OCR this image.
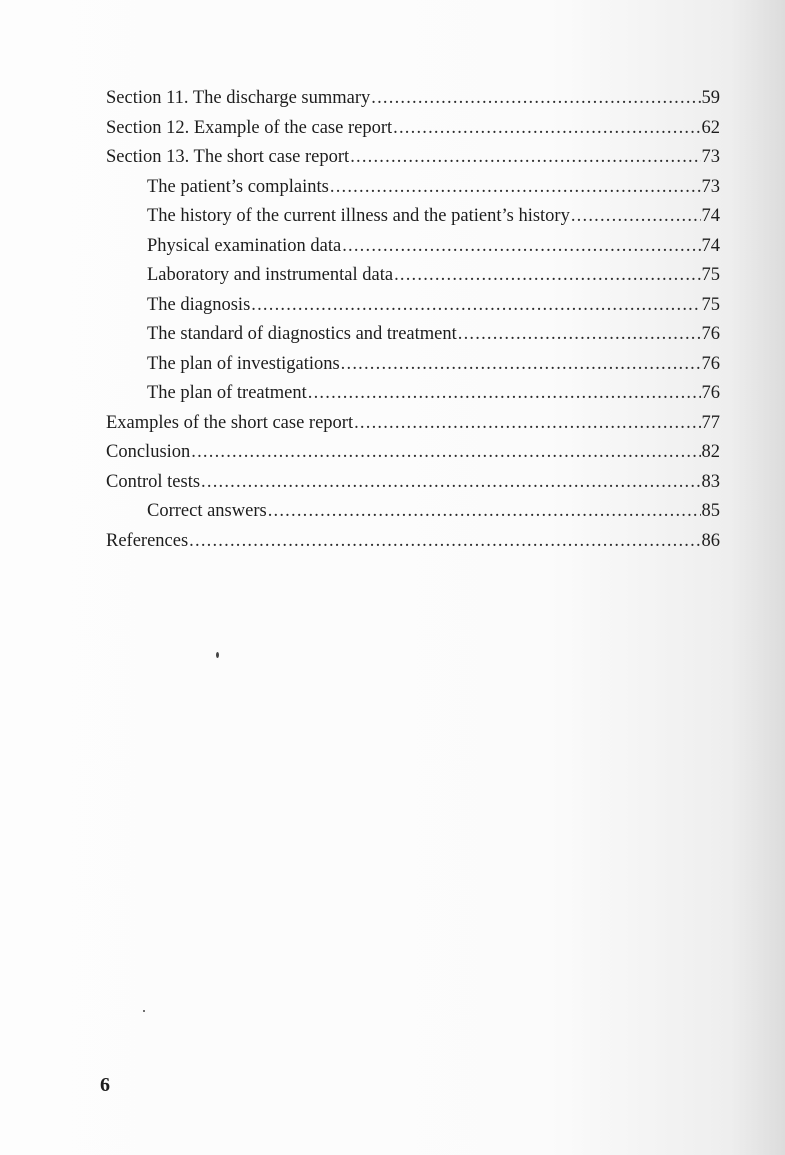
Section 11. The discharge summary .....	59
Section 12. Example of the case report .....	62
Section 13. The short case report .....	73
The patient’s complaints .....	73
The history of the current illness and the patient’s history .....	74
Physical examination data .....	74
Laboratory and instrumental data .....	75
The diagnosis .....	75
The standard of diagnostics and treatment .....	76
The plan of investigations .....	76
The plan of treatment .....	76
Examples of the short case report .....	77
Conclusion .....	82
Control tests .....	83
Correct answers .....	85
References .....	86
6
